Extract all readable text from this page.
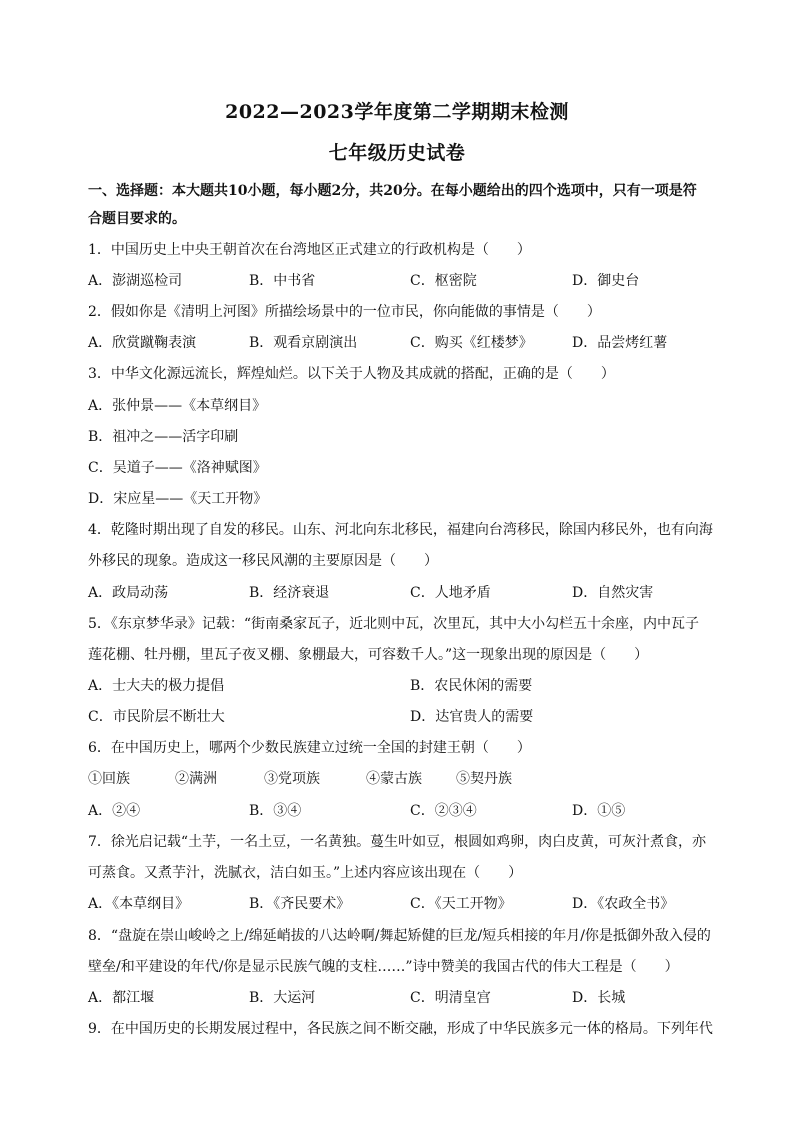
2022—2023学年度第二学期期末检测
七年级历史试卷
一、选择题：本大题共10小题，每小题2分，共20分。在每小题给出的四个选项中，只有一项是符
合题目要求的。
1．中国历史上中央王朝首次在台湾地区正式建立的行政机构是（　　）
A．澎湖巡检司	B．中书省	C．枢密院	D．御史台
2．假如你是《清明上河图》所描绘场景中的一位市民，你向能做的事情是（　　）
A．欣赏蹴鞠表演	B．观看京剧演出	C．购买《红楼梦》	D．品尝烤红薯
3．中华文化源远流长，辉煌灿烂。以下关于人物及其成就的搭配，正确的是（　　）
A．张仲景——《本草纲目》
B．祖冲之——活字印刷
C．吴道子——《洛神赋图》
D．宋应星——《天工开物》
4．乾隆时期出现了自发的移民。山东、河北向东北移民，福建向台湾移民，除国内移民外，也有向海
外移民的现象。造成这一移民风潮的主要原因是（　　）
A．政局动荡	B．经济衰退	C．人地矛盾	D．自然灾害
5．《东京梦华录》记载：“街南桑家瓦子，近北则中瓦，次里瓦，其中大小勾栏五十余座，内中瓦子
莲花棚、牡丹棚，里瓦子夜叉棚、象棚最大，可容数千人。”这一现象出现的原因是（　　）
A．士大夫的极力提倡	B．农民休闲的需要
C．市民阶层不断壮大	D．达官贵人的需要
6．在中国历史上，哪两个少数民族建立过统一全国的封建王朝（　　）
①回族	②满洲	③党项族	④蒙古族 ⑤契丹族
A．②④	B．③④	C．②③④	D．①⑤
7．徐光启记载“土芋，一名土豆，一名黄独。蔓生叶如豆，根圆如鸡卵，肉白皮黄，可灰汁煮食，亦
可蒸食。又煮芋汁，洗腻衣，洁白如玉。”上述内容应该出现在（　　）
A．《本草纲目》	B．《齐民要术》	C．《天工开物》	D．《农政全书》
8．“盘旋在崇山峻岭之上/绵延峭拔的八达岭啊/舞起矫健的巨龙/短兵相接的年月/你是抵御外敌入侵的
壁垒/和平建设的年代/你是显示民族气魄的支柱……”诗中赞美的我国古代的伟大工程是（　　）
A．都江堰	B．大运河	C．明清皇宫	D．长城
9．在中国历史的长期发展过程中，各民族之间不断交融，形成了中华民族多元一体的格局。下列年代
